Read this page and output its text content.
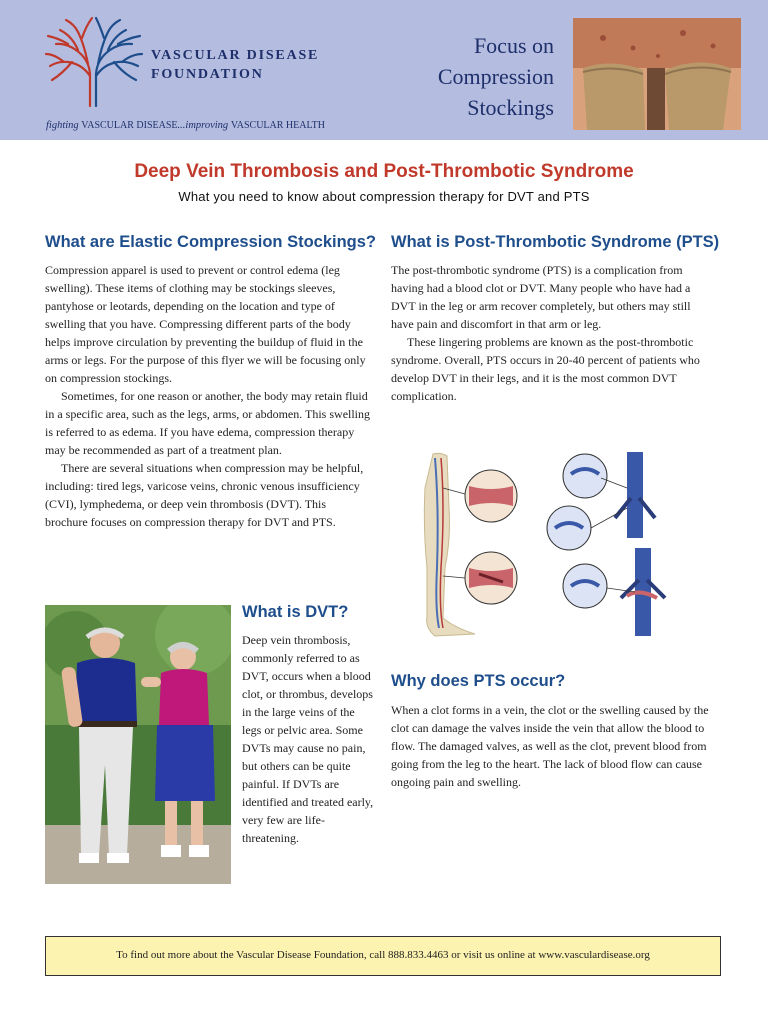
VASCULAR DISEASE
FOUNDATION
fighting VASCULAR DISEASE...improving VASCULAR HEALTH
Focus on
Compression
Stockings
Deep Vein Thrombosis and Post-Thrombotic Syndrome
What you need to know about compression therapy for DVT and PTS
What are Elastic Compression Stockings?

Compression apparel is used to prevent or control edema (leg swelling). These items of clothing may be stockings sleeves, pantyhose or leotards, depending on the location and type of swelling that you have. Compressing different parts of the body helps improve circulation by preventing the buildup of fluid in the arms or legs. For the purpose of this flyer we will be focusing only on compression stockings.

Sometimes, for one reason or another, the body may retain fluid in a specific area, such as the legs, arms, or abdomen. This swelling is referred to as edema. If you have edema, compression therapy may be recommended as part of a treatment plan.

There are several situations when compression may be helpful, including: tired legs, varicose veins, chronic venous insufficiency (CVI), lymphedema, or deep vein thrombosis (DVT). This brochure focuses on compression therapy for DVT and PTS.

What is DVT?

Deep vein thrombosis, commonly referred to as DVT, occurs when a blood clot, or thrombus, develops in the large veins of the legs or pelvic area. Some DVTs may cause no pain, but others can be quite painful. If DVTs are identified and treated early, very few are life-threatening.

What is Post-Thrombotic Syndrome (PTS)

The post-thrombotic syndrome (PTS) is a complication from having had a blood clot or DVT. Many people who have had a DVT in the leg or arm recover completely, but others may still have pain and discomfort in that arm or leg.

These lingering problems are known as the post-thrombotic syndrome. Overall, PTS occurs in 20-40 percent of patients who develop DVT in their legs, and it is the most common DVT complication.

Why does PTS occur?

When a clot forms in a vein, the clot or the swelling caused by the clot can damage the valves inside the vein that allow the blood to flow. The damaged valves, as well as the clot, prevent blood from going from the leg to the heart. The lack of blood flow can cause ongoing pain and swelling.

To find out more about the Vascular Disease Foundation, call 888.833.4463 or visit us online at www.vasculardisease.org
